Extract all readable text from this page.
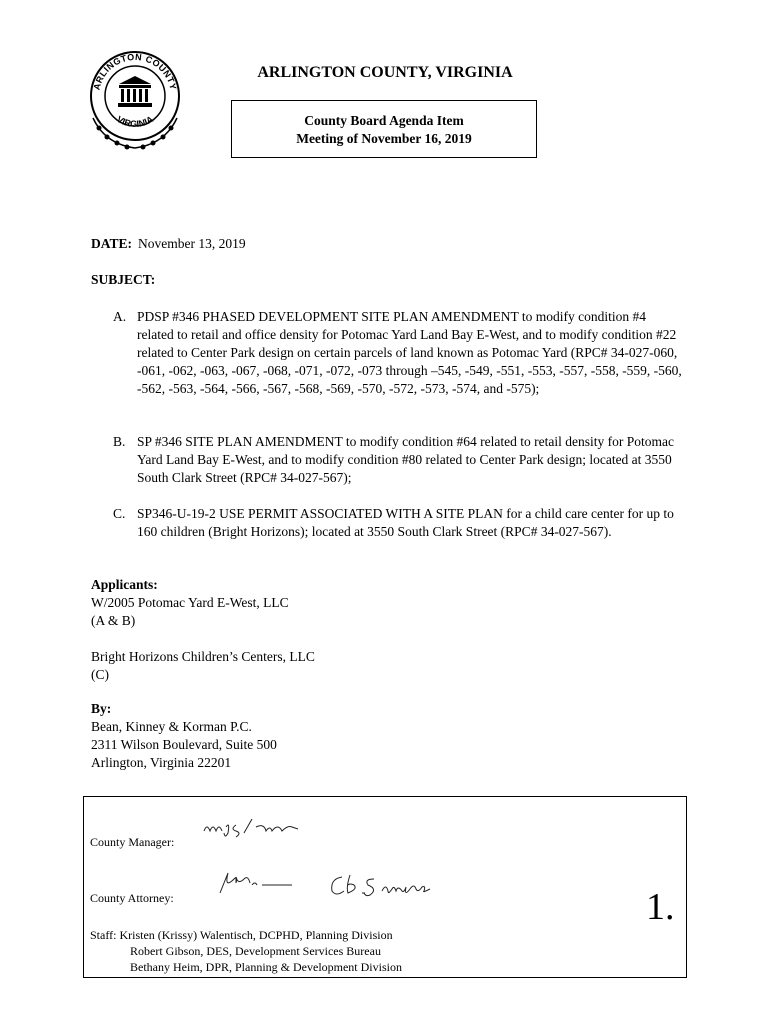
ARLINGTON COUNTY
VIRGINIA
ARLINGTON COUNTY, VIRGINIA
County Board Agenda Item
Meeting of November 16, 2019
DATE: November 13, 2019
SUBJECT:
A. PDSP #346 PHASED DEVELOPMENT SITE PLAN AMENDMENT to modify condition #4 related to retail and office density for Potomac Yard Land Bay E-West, and to modify condition #22 related to Center Park design on certain parcels of land known as Potomac Yard (RPC# 34-027-060, -061, -062, -063, -067, -068, -071, -072, -073 through –545, -549, -551, -553, -557, -558, -559, -560, -562, -563, -564, -566, -567, -568, -569, -570, -572, -573, -574, and -575);
B. SP #346 SITE PLAN AMENDMENT to modify condition #64 related to retail density for Potomac Yard Land Bay E-West, and to modify condition #80 related to Center Park design; located at 3550 South Clark Street (RPC# 34-027-567);
C. SP346-U-19-2 USE PERMIT ASSOCIATED WITH A SITE PLAN for a child care center for up to 160 children (Bright Horizons); located at 3550 South Clark Street (RPC# 34-027-567).
Applicants:
W/2005 Potomac Yard E-West, LLC
(A & B)
Bright Horizons Children’s Centers, LLC
(C)
By:
Bean, Kinney & Korman P.C.
2311 Wilson Boulevard, Suite 500
Arlington, Virginia 22201
County Manager:
County Attorney:	1.
Staff: Kristen (Krissy) Walentisch, DCPHD, Planning Division
Robert Gibson, DES, Development Services Bureau
Bethany Heim, DPR, Planning & Development Division
